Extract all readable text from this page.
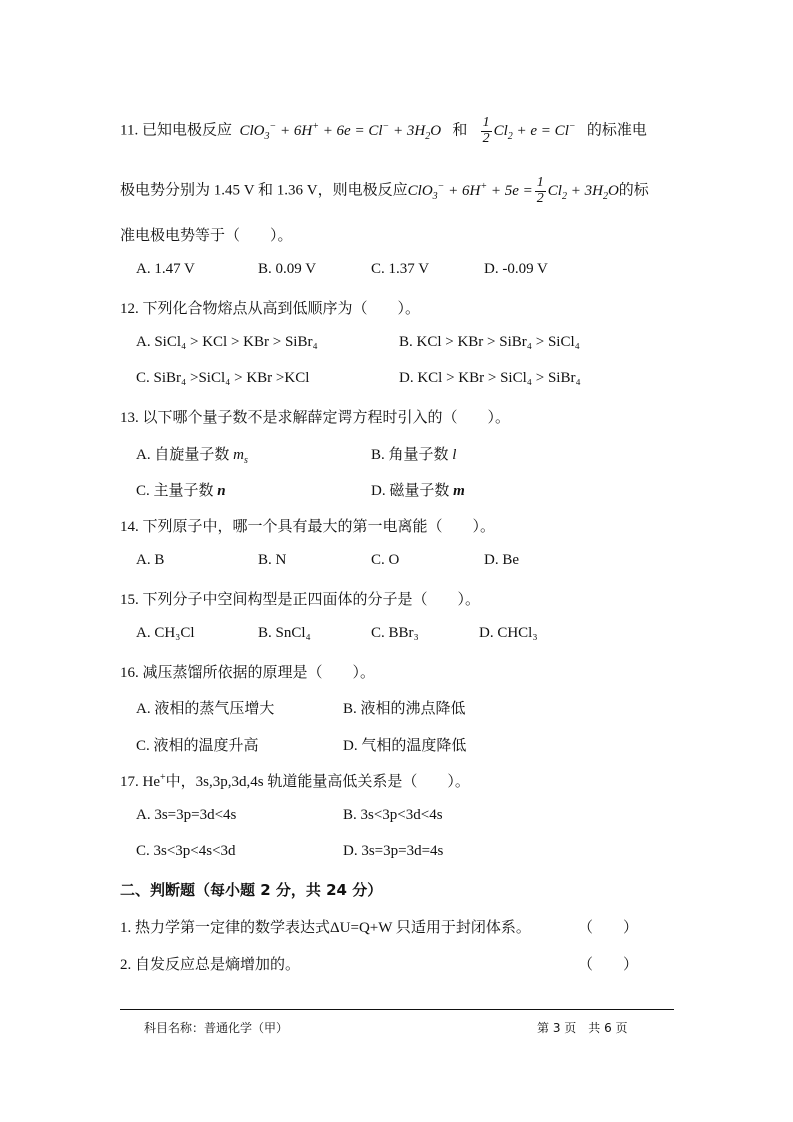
11. 已知电极反应 $ClO_3^- + 6H^+ + 6e = Cl^- + 3H_2O$ 和 $\frac{1}{2} Cl_2 + e = Cl^-$ 的标准电
极电势分别为 1.45 V 和 1.36 V，则电极反应$ClO_3^- + 6H^+ + 5e = \frac{1}{2} Cl_2 + 3H_2O$的标
准电极电势等于（　　）。
A. 1.47 V	B. 0.09 V	C. 1.37 V	D. -0.09 V
12. 下列化合物熔点从高到低顺序为（　　）。
A. SiCl₄ > KCl > KBr > SiBr₄	B. KCl > KBr > SiBr₄ > SiCl₄
C. SiBr₄ >SiCl₄ > KBr >KCl	D. KCl > KBr > SiCl₄ > SiBr₄
13. 以下哪个量子数不是求解薛定谔方程时引入的（　　）。
A. 自旋量子数 $m_s$	B. 角量子数 l
C. 主量子数 n	D. 磁量子数 m
14. 下列原子中，哪一个具有最大的第一电离能（　　）。
A. B	B. N	C. O	D. Be
15. 下列分子中空间构型是正四面体的分子是（　　）。
A. CH₃Cl	B. SnCl₄	C. BBr₃	D. CHCl₃
16. 减压蒸馏所依据的原理是（　　）。
A. 液相的蒸气压增大	B. 液相的沸点降低
C. 液相的温度升高	D. 气相的温度降低
17. He+中，3s,3p,3d,4s 轨道能量高低关系是（　　）。
A. 3s=3p=3d<4s	B. 3s<3p<3d<4s
C. 3s<3p<4s<3d	D. 3s=3p=3d=4s
二、判断题（每小题 2 分，共 24 分）
1. 热力学第一定律的数学表达式ΔU=Q+W 只适用于封闭体系。	（　　）
2. 自发反应总是熵增加的。	（　　）
科目名称：普通化学（甲）	第 3 页　共 6 页
